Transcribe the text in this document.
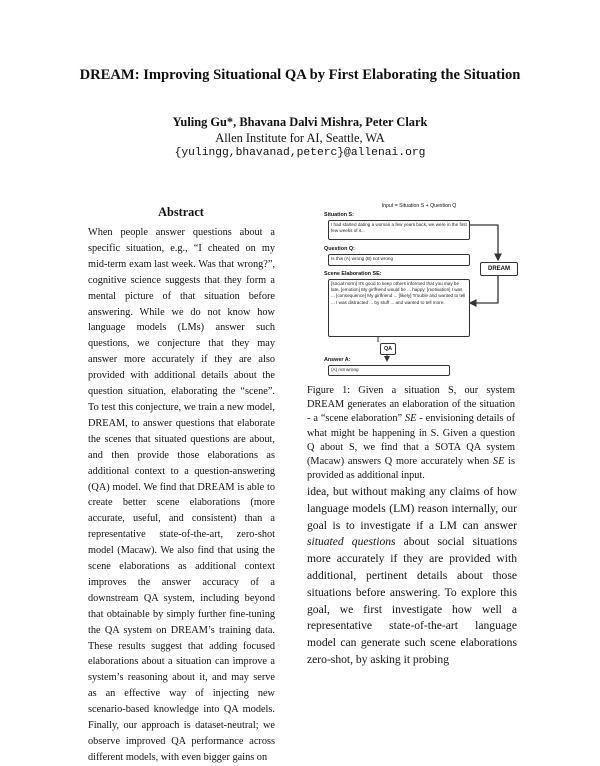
DREAM: Improving Situational QA by First Elaborating the Situation
Yuling Gu*, Bhavana Dalvi Mishra, Peter Clark
Allen Institute for AI, Seattle, WA
{yulingg,bhavanad,peterc}@allenai.org
Abstract

When people answer questions about a specific situation, e.g., “I cheated on my mid-term exam last week. Was that wrong?”, cognitive science suggests that they form a mental picture of that situation before answering. While we do not know how language models (LMs) answer such questions, we conjecture that they may answer more accurately if they are also provided with additional details about the question situation, elaborating the “scene”. To test this conjecture, we train a new model, DREAM, to answer questions that elaborate the scenes that situated questions are about, and then provide those elaborations as additional context to a question-answering (QA) model. We find that DREAM is able to create better scene elaborations (more accurate, useful, and consistent) than a representative state-of-the-art, zero-shot model (Macaw). We also find that using the scene elaborations as additional context improves the answer accuracy of a downstream QA system, including beyond that obtainable by simply further fine-tuning the QA system on DREAM’s training data. These results suggest that adding focused elaborations about a situation can improve a system’s reasoning about it, and may serve as an effective way of injecting new scenario-based knowledge into QA models. Finally, our approach is dataset-neutral; we observe improved QA performance across different models, with even bigger gains on

Input = Situation S + Question Q
Situation S:
I had started dating a woman a few years back, we were in the first few weeks of it...
Question Q:
Is this (A) wrong (B) not wrong
DREAM
Scene Elaboration SE:
[social norm] It's good to keep others informed that you may be late. [emotion] My girlfriend would be ... happy. [motivation] I was ... [consequence] My girlfriend ... [likely] Trouble and wanted to tell ... I was distracted ... by stuff ... and wanted to tell more.
QA
Answer A:
(A) not wrong

Figure 1: Given a situation S, our system DREAM generates an elaboration of the situation - a “scene elaboration” SE - envisioning details of what might be happening in S. Given a question Q about S, we find that a SOTA QA system (Macaw) answers Q more accurately when SE is provided as additional input.

idea, but without making any claims of how language models (LM) reason internally, our goal is to investigate if a LM can answer situated questions about social situations more accurately if they are provided with additional, pertinent details about those situations before answering. To explore this goal, we first investigate how well a representative state-of-the-art language model can generate such scene elaborations zero-shot, by asking it probing
